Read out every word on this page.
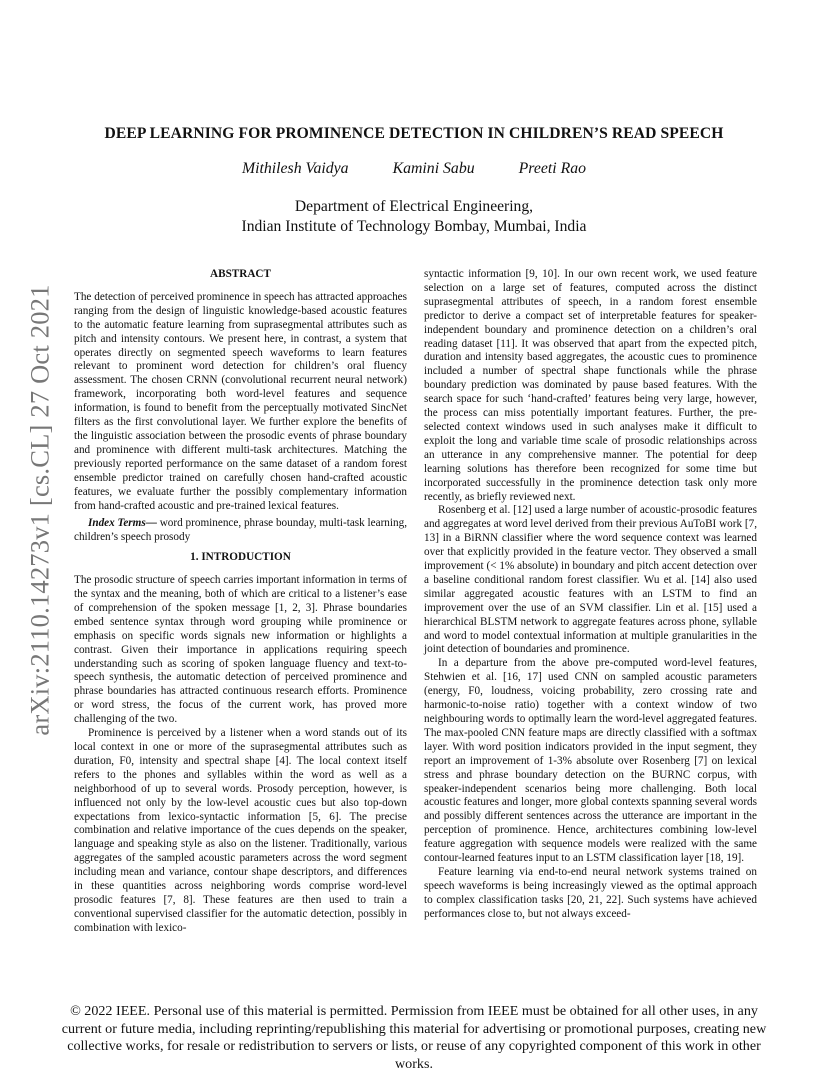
arXiv:2110.14273v1 [cs.CL] 27 Oct 2021
DEEP LEARNING FOR PROMINENCE DETECTION IN CHILDREN’S READ SPEECH
Mithilesh Vaidya	Kamini Sabu	Preeti Rao
Department of Electrical Engineering,
Indian Institute of Technology Bombay, Mumbai, India
ABSTRACT

The detection of perceived prominence in speech has attracted approaches ranging from the design of linguistic knowledge-based acoustic features to the automatic feature learning from suprasegmental attributes such as pitch and intensity contours. We present here, in contrast, a system that operates directly on segmented speech waveforms to learn features relevant to prominent word detection for children’s oral fluency assessment. The chosen CRNN (convolutional recurrent neural network) framework, incorporating both word-level features and sequence information, is found to benefit from the perceptually motivated SincNet filters as the first convolutional layer. We further explore the benefits of the linguistic association between the prosodic events of phrase boundary and prominence with different multi-task architectures. Matching the previously reported performance on the same dataset of a random forest ensemble predictor trained on carefully chosen hand-crafted acoustic features, we evaluate further the possibly complementary information from hand-crafted acoustic and pre-trained lexical features.

Index Terms— word prominence, phrase bounday, multi-task learning, children’s speech prosody

1. INTRODUCTION

The prosodic structure of speech carries important information in terms of the syntax and the meaning, both of which are critical to a listener’s ease of comprehension of the spoken message [1, 2, 3]. Phrase boundaries embed sentence syntax through word grouping while prominence or emphasis on specific words signals new information or highlights a contrast. Given their importance in applications requiring speech understanding such as scoring of spoken language fluency and text-to-speech synthesis, the automatic detection of perceived prominence and phrase boundaries has attracted continuous research efforts. Prominence or word stress, the focus of the current work, has proved more challenging of the two.

Prominence is perceived by a listener when a word stands out of its local context in one or more of the suprasegmental attributes such as duration, F0, intensity and spectral shape [4]. The local context itself refers to the phones and syllables within the word as well as a neighborhood of up to several words. Prosody perception, however, is influenced not only by the low-level acoustic cues but also top-down expectations from lexico-syntactic information [5, 6]. The precise combination and relative importance of the cues depends on the speaker, language and speaking style as also on the listener. Traditionally, various aggregates of the sampled acoustic parameters across the word segment including mean and variance, contour shape descriptors, and differences in these quantities across neighboring words comprise word-level prosodic features [7, 8]. These features are then used to train a conventional supervised classifier for the automatic detection, possibly in combination with lexico-

syntactic information [9, 10]. In our own recent work, we used feature selection on a large set of features, computed across the distinct suprasegmental attributes of speech, in a random forest ensemble predictor to derive a compact set of interpretable features for speaker-independent boundary and prominence detection on a children’s oral reading dataset [11]. It was observed that apart from the expected pitch, duration and intensity based aggregates, the acoustic cues to prominence included a number of spectral shape functionals while the phrase boundary prediction was dominated by pause based features. With the search space for such ‘hand-crafted’ features being very large, however, the process can miss potentially important features. Further, the pre-selected context windows used in such analyses make it difficult to exploit the long and variable time scale of prosodic relationships across an utterance in any comprehensive manner. The potential for deep learning solutions has therefore been recognized for some time but incorporated successfully in the prominence detection task only more recently, as briefly reviewed next.

Rosenberg et al. [12] used a large number of acoustic-prosodic features and aggregates at word level derived from their previous AuToBI work [7, 13] in a BiRNN classifier where the word sequence context was learned over that explicitly provided in the feature vector. They observed a small improvement (< 1% absolute) in boundary and pitch accent detection over a baseline conditional random forest classifier. Wu et al. [14] also used similar aggregated acoustic features with an LSTM to find an improvement over the use of an SVM classifier. Lin et al. [15] used a hierarchical BLSTM network to aggregate features across phone, syllable and word to model contextual information at multiple granularities in the joint detection of boundaries and prominence.

In a departure from the above pre-computed word-level features, Stehwien et al. [16, 17] used CNN on sampled acoustic parameters (energy, F0, loudness, voicing probability, zero crossing rate and harmonic-to-noise ratio) together with a context window of two neighbouring words to optimally learn the word-level aggregated features. The max-pooled CNN feature maps are directly classified with a softmax layer. With word position indicators provided in the input segment, they report an improvement of 1-3% absolute over Rosenberg [7] on lexical stress and phrase boundary detection on the BURNC corpus, with speaker-independent scenarios being more challenging. Both local acoustic features and longer, more global contexts spanning several words and possibly different sentences across the utterance are important in the perception of prominence. Hence, architectures combining low-level feature aggregation with sequence models were realized with the same contour-learned features input to an LSTM classification layer [18, 19].

Feature learning via end-to-end neural network systems trained on speech waveforms is being increasingly viewed as the optimal approach to complex classification tasks [20, 21, 22]. Such systems have achieved performances close to, but not always exceed-

© 2022 IEEE. Personal use of this material is permitted. Permission from IEEE must be obtained for all other uses, in any current or future media, including reprinting/republishing this material for advertising or promotional purposes, creating new collective works, for resale or redistribution to servers or lists, or reuse of any copyrighted component of this work in other works.
